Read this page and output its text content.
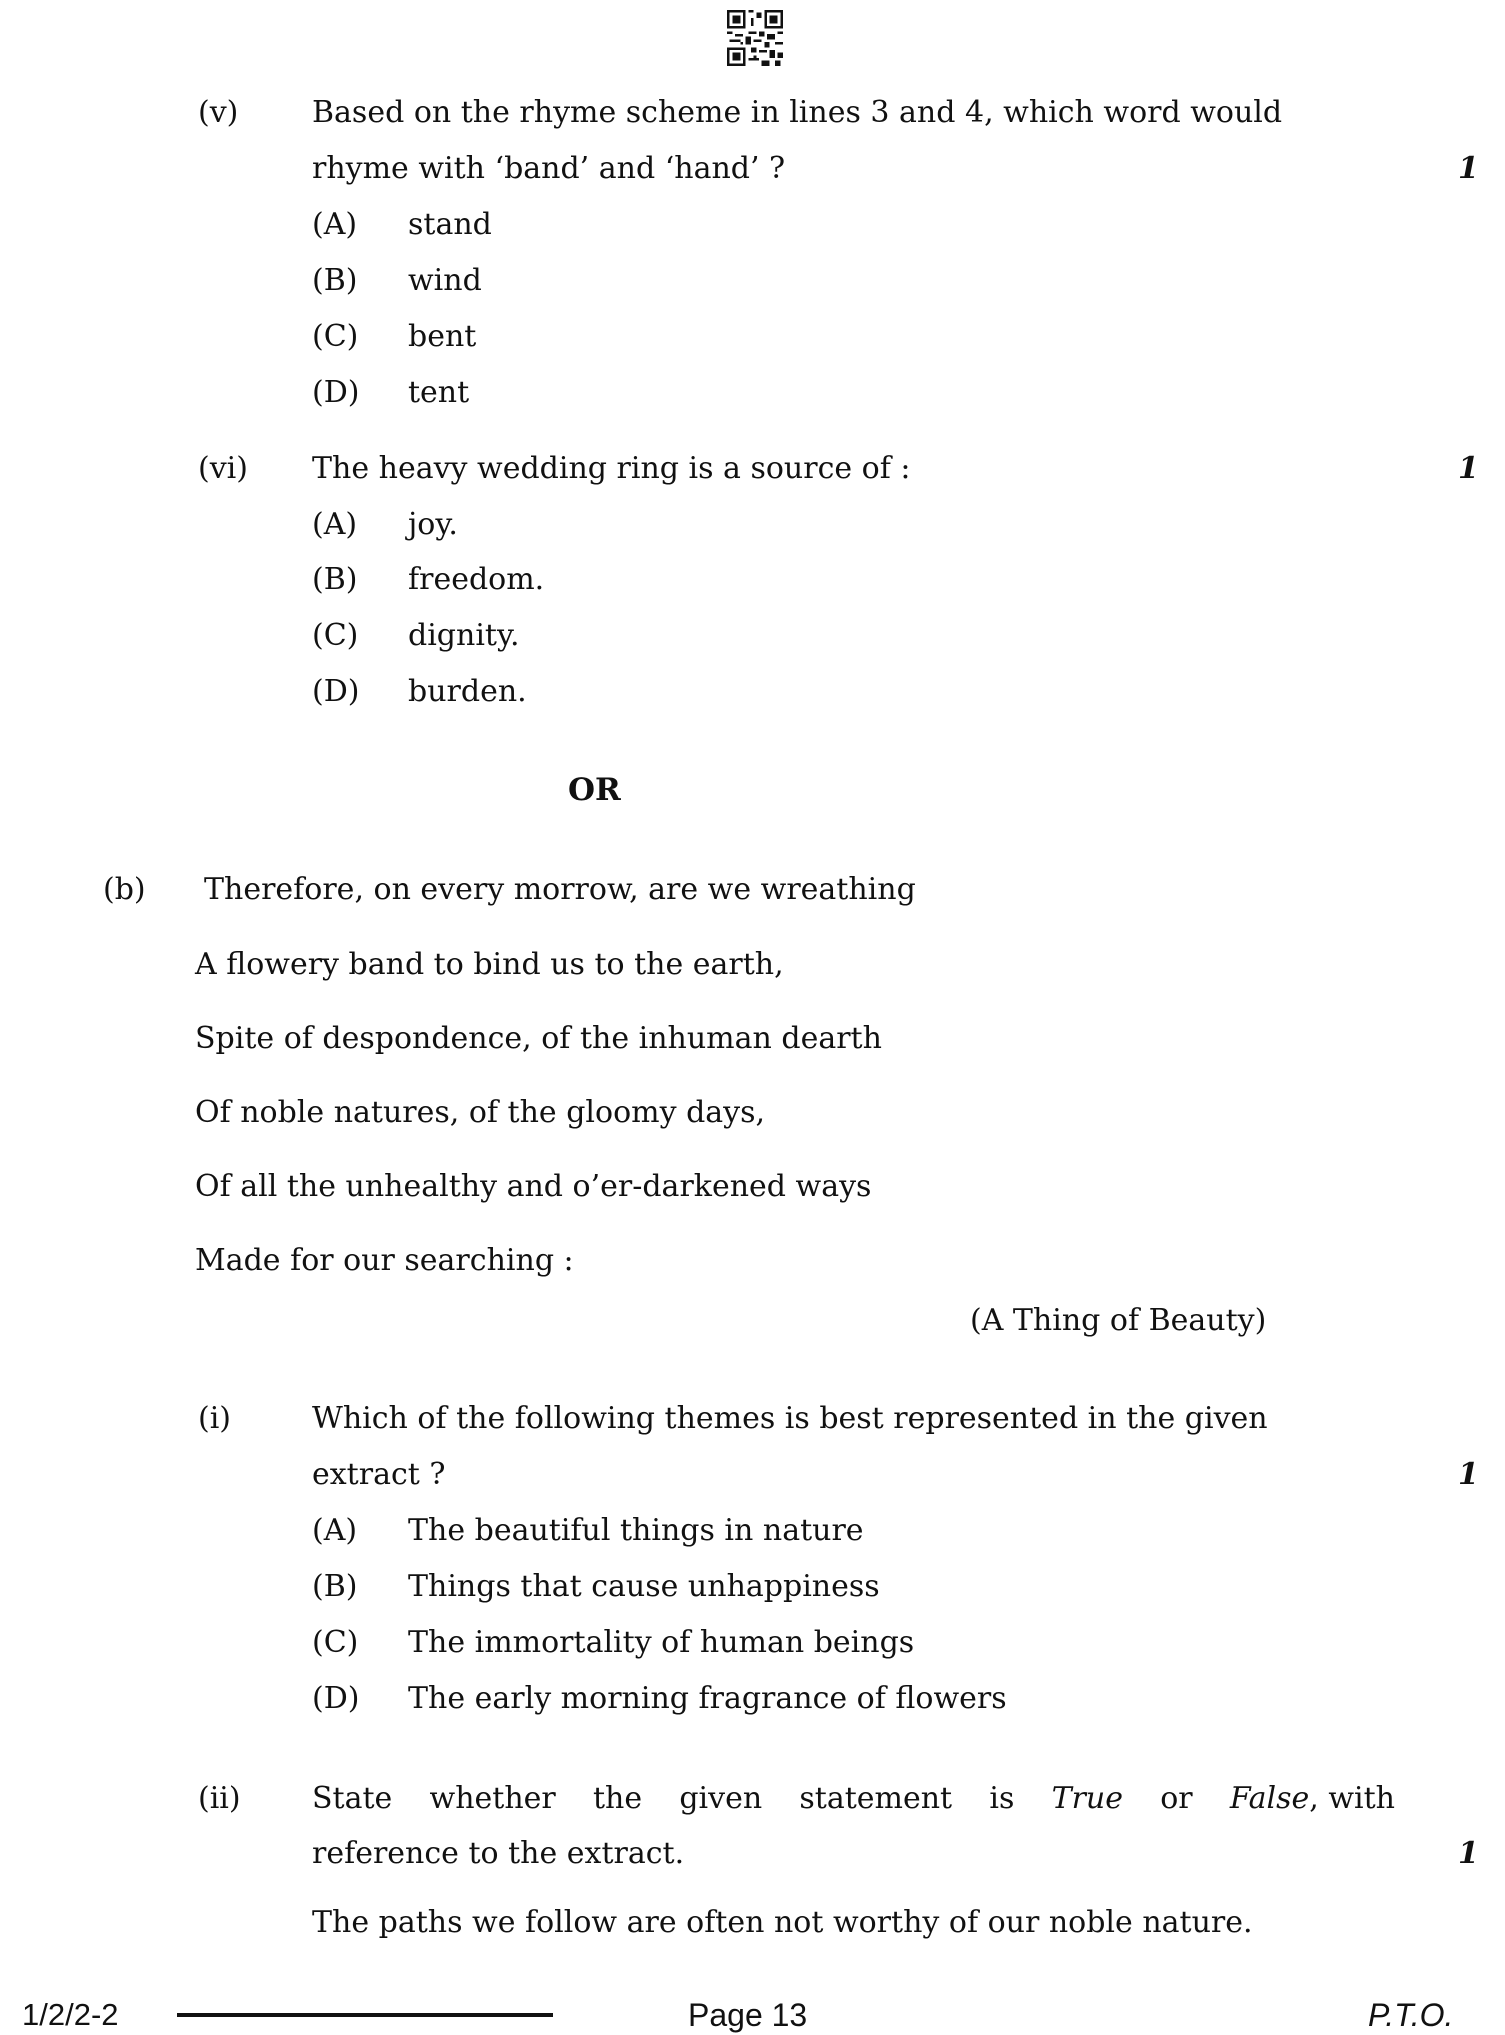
(v) Based on the rhyme scheme in lines 3 and 4, which word would
rhyme with ‘band’ and ‘hand’ ?	1
(A) stand
(B) wind
(C) bent
(D) tent
(vi) The heavy wedding ring is a source of :	1
(A) joy.
(B) freedom.
(C) dignity.
(D) burden.
OR
(b) Therefore, on every morrow, are we wreathing
A flowery band to bind us to the earth,
Spite of despondence, of the inhuman dearth
Of noble natures, of the gloomy days,
Of all the unhealthy and o’er-darkened ways
Made for our searching :
(A Thing of Beauty)
(i)	Which of the following themes is best represented in the given
extract ?	1
(A) The beautiful things in nature
(B) Things that cause unhappiness
(C) The immortality of human beings
(D) The early morning fragrance of flowers
(ii) State whether the given statement is True or False, with
reference to the extract.	1
The paths we follow are often not worthy of our noble nature.
1/2/2-2	Page 13	P.T.O.
